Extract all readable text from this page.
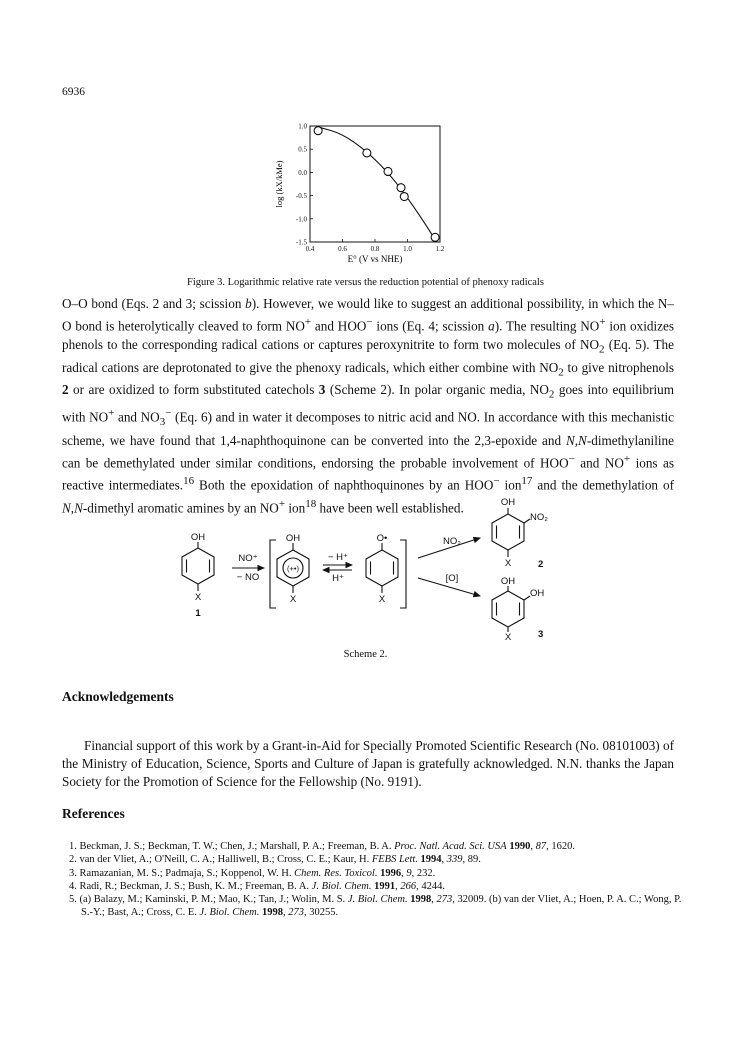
6936
0.4	0.6	0.8	1.0	1.2
1.0
0.5
0.0
-0.5
-1.0
-1.5
E° (V vs NHE)
log (kX/kMe)
Figure 3. Logarithmic relative rate versus the reduction potential of phenoxy radicals

O–O bond (Eqs. 2 and 3; scission b). However, we would like to suggest an additional possibility, in which the N–O bond is heterolytically cleaved to form NO+ and HOO− ions (Eq. 4; scission a). The resulting NO+ ion oxidizes phenols to the corresponding radical cations or captures peroxynitrite to form two molecules of $NO_2$ (Eq. 5). The radical cations are deprotonated to give the phenoxy radicals, which either combine with $NO_2$ to give nitrophenols 2 or are oxidized to form substituted catechols 3 (Scheme 2). In polar organic media, $NO_2$ goes into equilibrium with NO+ and $NO_3^-$ (Eq. 6) and in water it decomposes to nitric acid and NO. In accordance with this mechanistic scheme, we have found that 1,4-naphthoquinone can be converted into the 2,3-epoxide and N,N-dimethylaniline can be demethylated under similar conditions, endorsing the probable involvement of HOO− and NO+ ions as reactive intermediates.$^{16}$ Both the epoxidation of naphthoquinones by an HOO− ion$^{17}$ and the demethylation of N,N-dimethyl aromatic amines by an NO+ ion$^{18}$ have been well established.

OH
X
1
NO⁺
− NO
OH
(+•)
X
− H⁺
H⁺
O•
X
NO₂
[O]
OH
NO₂
X	2
OH
OH
X	3
Scheme 2.
Acknowledgements
Financial support of this work by a Grant-in-Aid for Specially Promoted Scientific Research (No. 08101003) of the Ministry of Education, Science, Sports and Culture of Japan is gratefully acknowledged. N.N. thanks the Japan Society for the Promotion of Science for the Fellowship (No. 9191).
References
1. Beckman, J. S.; Beckman, T. W.; Chen, J.; Marshall, P. A.; Freeman, B. A. Proc. Natl. Acad. Sci. USA 1990, 87, 1620.
2. van der Vliet, A.; O'Neill, C. A.; Halliwell, B.; Cross, C. E.; Kaur, H. FEBS Lett. 1994, 339, 89.
3. Ramazanian, M. S.; Padmaja, S.; Koppenol, W. H. Chem. Res. Toxicol. 1996, 9, 232.
4. Radi, R.; Beckman, J. S.; Bush, K. M.; Freeman, B. A. J. Biol. Chem. 1991, 266, 4244.
5. (a) Balazy, M.; Kaminski, P. M.; Mao, K.; Tan, J.; Wolin, M. S. J. Biol. Chem. 1998, 273, 32009. (b) van der Vliet, A.; Hoen, P. A. C.; Wong, P. S.-Y.; Bast, A.; Cross, C. E. J. Biol. Chem. 1998, 273, 30255.
